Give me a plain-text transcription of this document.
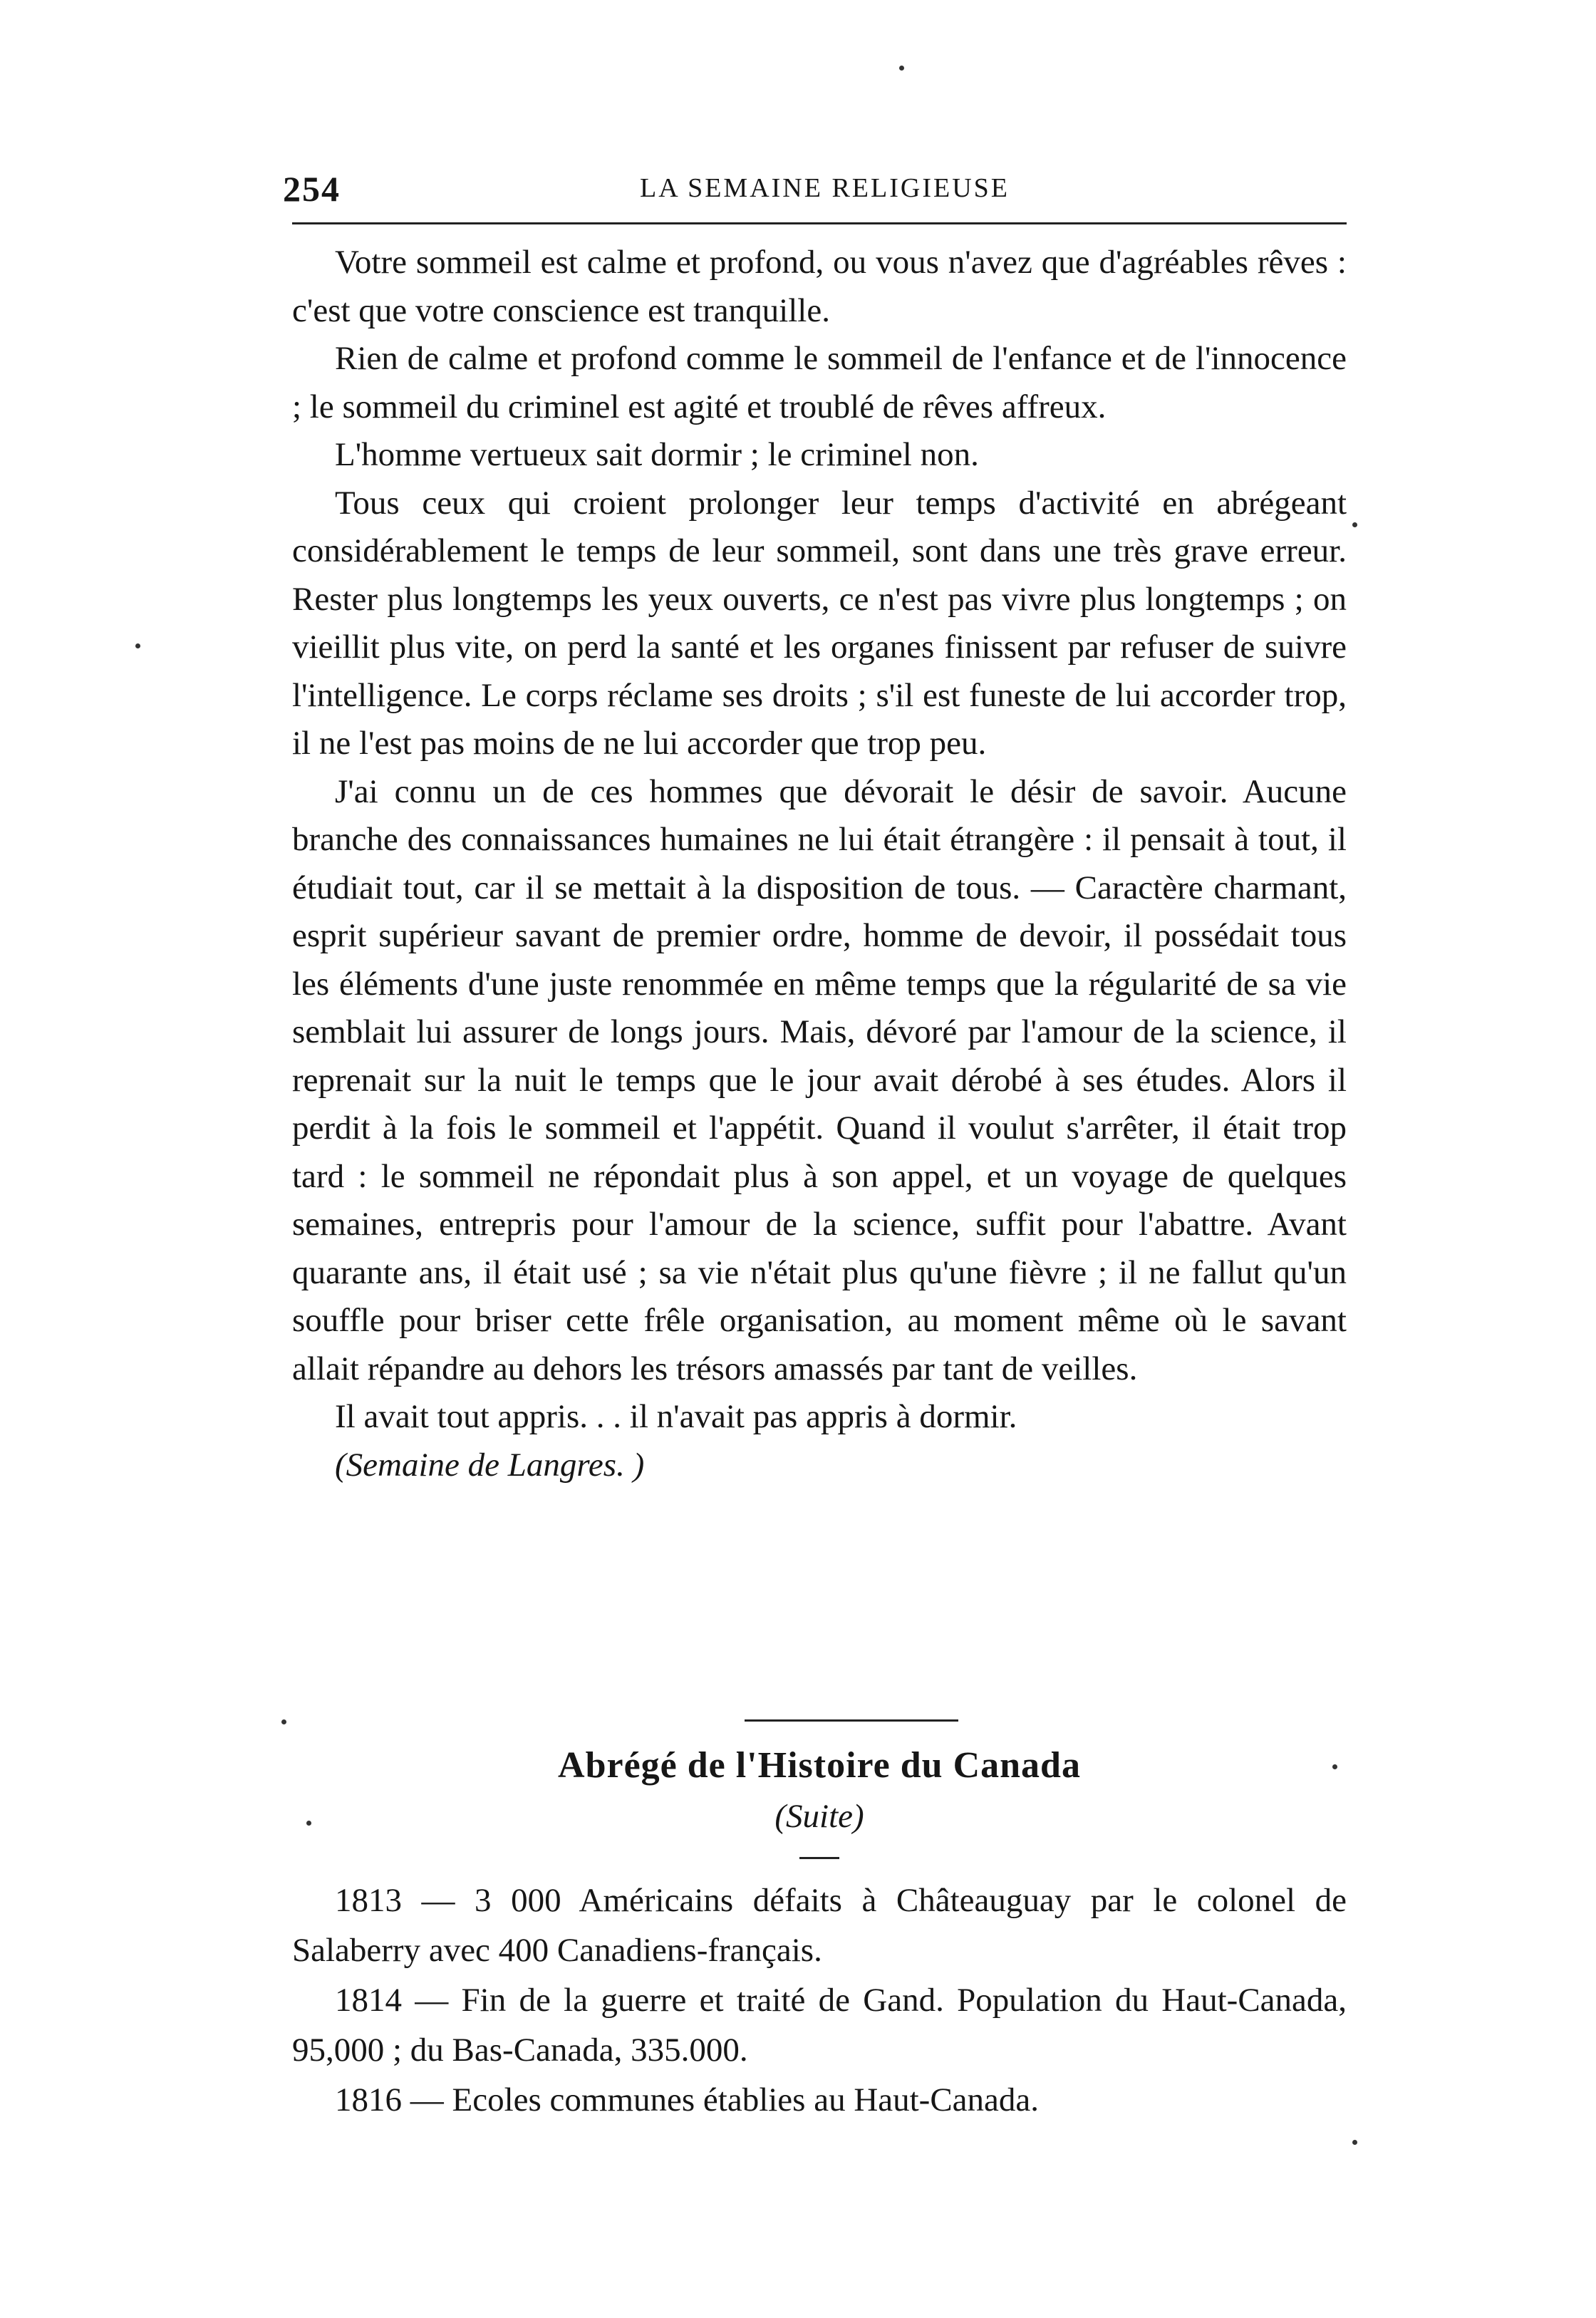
254	LA SEMAINE RELIGIEUSE

Votre sommeil est calme et profond, ou vous n'avez que d'agréables rêves : c'est que votre conscience est tranquille.

Rien de calme et profond comme le sommeil de l'enfance et de l'innocence ; le sommeil du criminel est agité et troublé de rêves affreux.

L'homme vertueux sait dormir ; le criminel non.

Tous ceux qui croient prolonger leur temps d'activité en abrégeant considérablement le temps de leur sommeil, sont dans une très grave erreur. Rester plus longtemps les yeux ouverts, ce n'est pas vivre plus longtemps ; on vieillit plus vite, on perd la santé et les organes finissent par refuser de suivre l'intelligence. Le corps réclame ses droits ; s'il est funeste de lui accorder trop, il ne l'est pas moins de ne lui accorder que trop peu.

J'ai connu un de ces hommes que dévorait le désir de savoir. Aucune branche des connaissances humaines ne lui était étrangère : il pensait à tout, il étudiait tout, car il se mettait à la disposition de tous. — Caractère charmant, esprit supérieur savant de premier ordre, homme de devoir, il possédait tous les éléments d'une juste renommée en même temps que la régularité de sa vie semblait lui assurer de longs jours. Mais, dévoré par l'amour de la science, il reprenait sur la nuit le temps que le jour avait dérobé à ses études. Alors il perdit à la fois le sommeil et l'appétit. Quand il voulut s'arrêter, il était trop tard : le sommeil ne répondait plus à son appel, et un voyage de quelques semaines, entrepris pour l'amour de la science, suffit pour l'abattre. Avant quarante ans, il était usé ; sa vie n'était plus qu'une fièvre ; il ne fallut qu'un souffle pour briser cette frêle organisation, au moment même où le savant allait répandre au dehors les trésors amassés par tant de veilles.

Il avait tout appris. . . il n'avait pas appris à dormir.

(Semaine de Langres. )

Abrégé de l'Histoire du Canada
(Suite)

1813 — 3 000 Américains défaits à Châteauguay par le colonel de Salaberry avec 400 Canadiens-français.

1814 — Fin de la guerre et traité de Gand. Population du Haut-Canada, 95,000 ; du Bas-Canada, 335.000.

1816 — Ecoles communes établies au Haut-Canada.
